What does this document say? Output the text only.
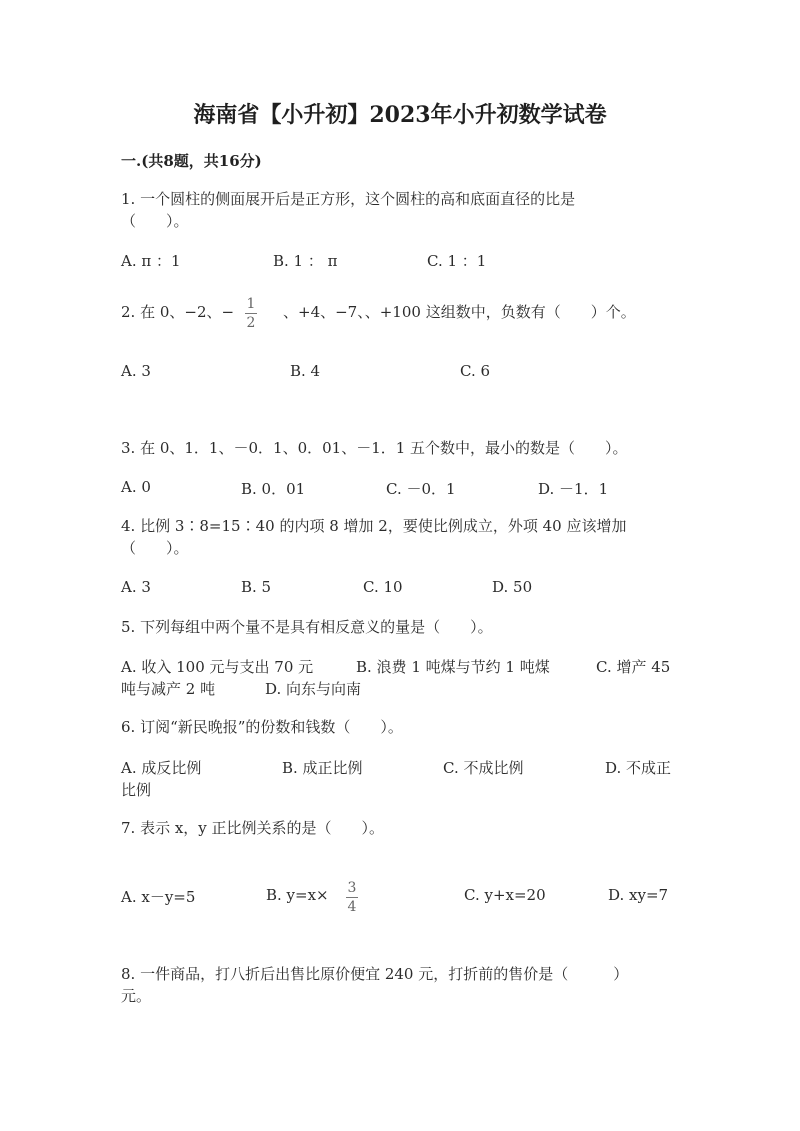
海南省【小升初】2023年小升初数学试卷
一.(共8题，共16分)
1. 一个圆柱的侧面展开后是正方形，这个圆柱的高和底面直径的比是
（　　）。
A. π ：1	B. 1 ： π	C. 1 ：1
2. 在 0、−2、− 1
2
、+4、−7、、+100 这组数中，负数有（　　）个。
A. 3	B. 4	C. 6
3. 在 0、1．1、－0．1、0．01、－1．1 五个数中，最小的数是（　　）。
A. 0	B. 0．01	C. －0．1	D. －1．1
4. 比例 3∶8=15∶40 的内项 8 增加 2，要使比例成立，外项 40 应该增加
（　　）。
A. 3	B. 5	C. 10	D. 50
5. 下列每组中两个量不是具有相反意义的量是（　　）。
A. 收入 100 元与支出 70 元	B. 浪费 1 吨煤与节约 1 吨煤	C. 增产 45
吨与减产 2 吨	D. 向东与向南
6. 订阅“新民晚报”的份数和钱数（　　）。
A. 成反比例	B. 成正比例	C. 不成比例	D. 不成正
比例
7. 表示 x，y 正比例关系的是（　　）。
A. x－y=5	B. y=x× 3
4
C. y+x=20	D. xy=7
8. 一件商品，打八折后出售比原价便宜 240 元，打折前的售价是（　　　）
元。
